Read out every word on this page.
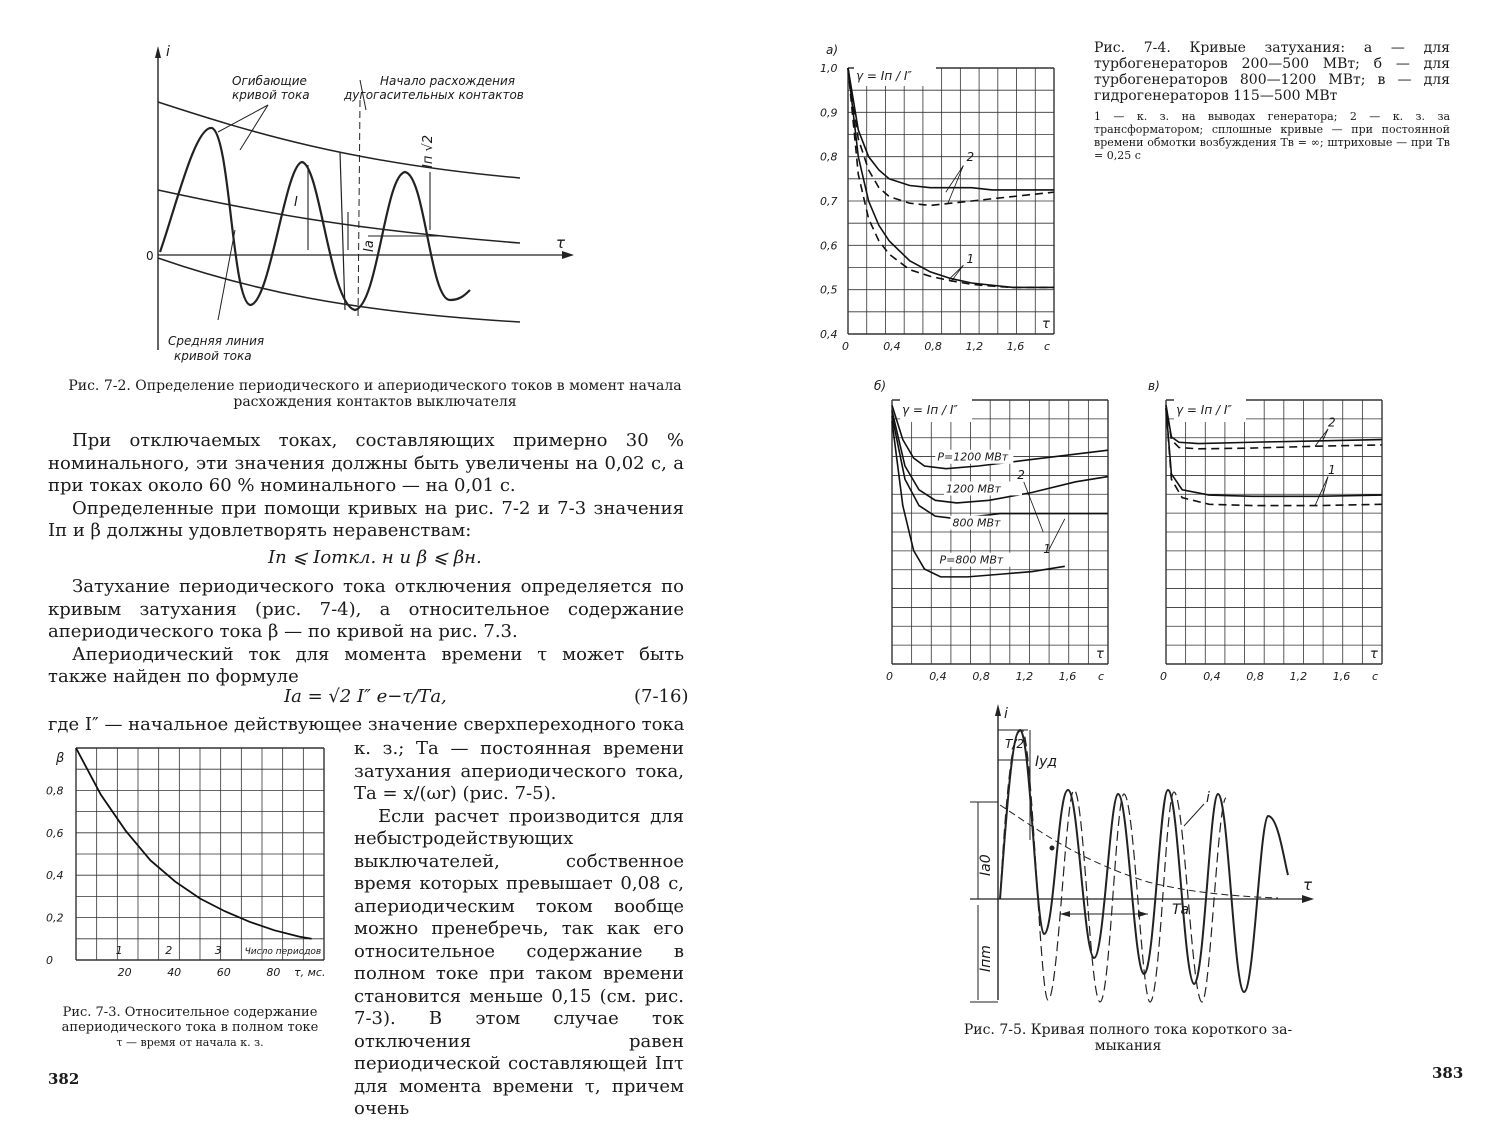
i
τ
0
I
Iа
Iп √2
Огибающие
кривой тока
Начало расхождения
дугогасительных контактов
Средняя линия
кривой тока
Рис. 7-2. Определение периодического и апериодического токов в момент начала
расхождения контактов выключателя

При отключаемых токах, составляющих примерно 30 % номинального, эти значения должны быть увеличены на 0,02 с, а при токах около 60 % номинального — на 0,01 с.

Определенные при помощи кривых на рис. 7-2 и 7-3 значения Iп и β должны удовлетворять неравенствам:

Iп ⩽ Iоткл. н и β ⩽ βн.

Затухание периодического тока отключения определяется по кривым затухания (рис. 7-4), а относительное содержание апериодического тока β — по кривой на рис. 7.3.

Апериодический ток для момента времени τ может быть также найден по формуле

Iа = √2 I″ e−τ/Tа,	(7-16)
где I″ — начальное действующее значение сверхпереходного тока
β
0
0,2
0,4
0,6
0,8
20	40	60	80 τ, мс.
1	2	3	Число периодов
Рис. 7-3. Относительное содержание
апериодического тока в полном токе
τ — время от начала к. з.

к. з.; Tа — постоянная времени затухания апериодического тока, Tа = x/(ωr) (рис. 7-5).

Если расчет производится для небыстродействующих выключателей, собственное время которых превышает 0,08 с, апериодическим током вообще можно пренебречь, так как его относительное содержание в полном токе при таком времени становится меньше 0,15 (см. рис. 7-3). В этом случае ток отключения равен периодической составляющей Iпτ для момента времени τ, причем очень

382
а)
γ = Iп / I″
0,4
0,5
0,6
0,7
0,8
0,9
1,0
0	0,4 0,8 1,2 1,6 с
τ
2
1
Рис. 7-4. Кривые затухания: а — для турбогенераторов 200—500 МВт; б — для турбогенераторов 800—1200 МВт; в — для гидрогенераторов 115—500 МВт
1 — к. з. на выводах генератора; 2 — к. з. за трансформатором; сплошные кривые — при постоянной времени обмотки возбуждения Tв = ∞; штриховые — при Tв = 0,25 с
б)
γ = Iп / I″
0	0,4 0,8 1,2 1,6 с
τ
P=1200 МВт
1200 МВт
800 МВт
P=800 МВт
2
1
в)
γ = Iп / I″
0	0,4 0,8 1,2 1,6 с
τ
2
1
i
τ
Iа0
Iпm
T/2
Iуд
i
Tа
Рис. 7-5. Кривая полного тока короткого за-
мыкания
383
